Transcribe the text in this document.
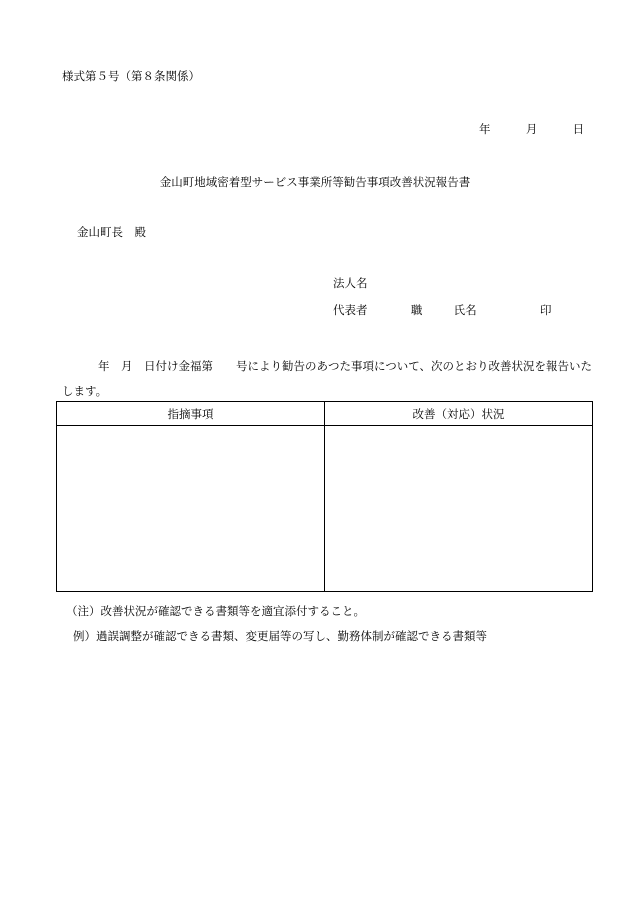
様式第５号（第８条関係）
年	月	日
金山町地域密着型サービス事業所等勧告事項改善状況報告書
金山町長　殿
法人名
代表者	職	氏名	印
年　月　日付け金福第　　号により勧告のあつた事項について、次のとおり改善状況を報告いたします。
指摘事項	改善（対応）状況
（注）改善状況が確認できる書類等を適宜添付すること。
例）過誤調整が確認できる書類、変更届等の写し、勤務体制が確認できる書類等
